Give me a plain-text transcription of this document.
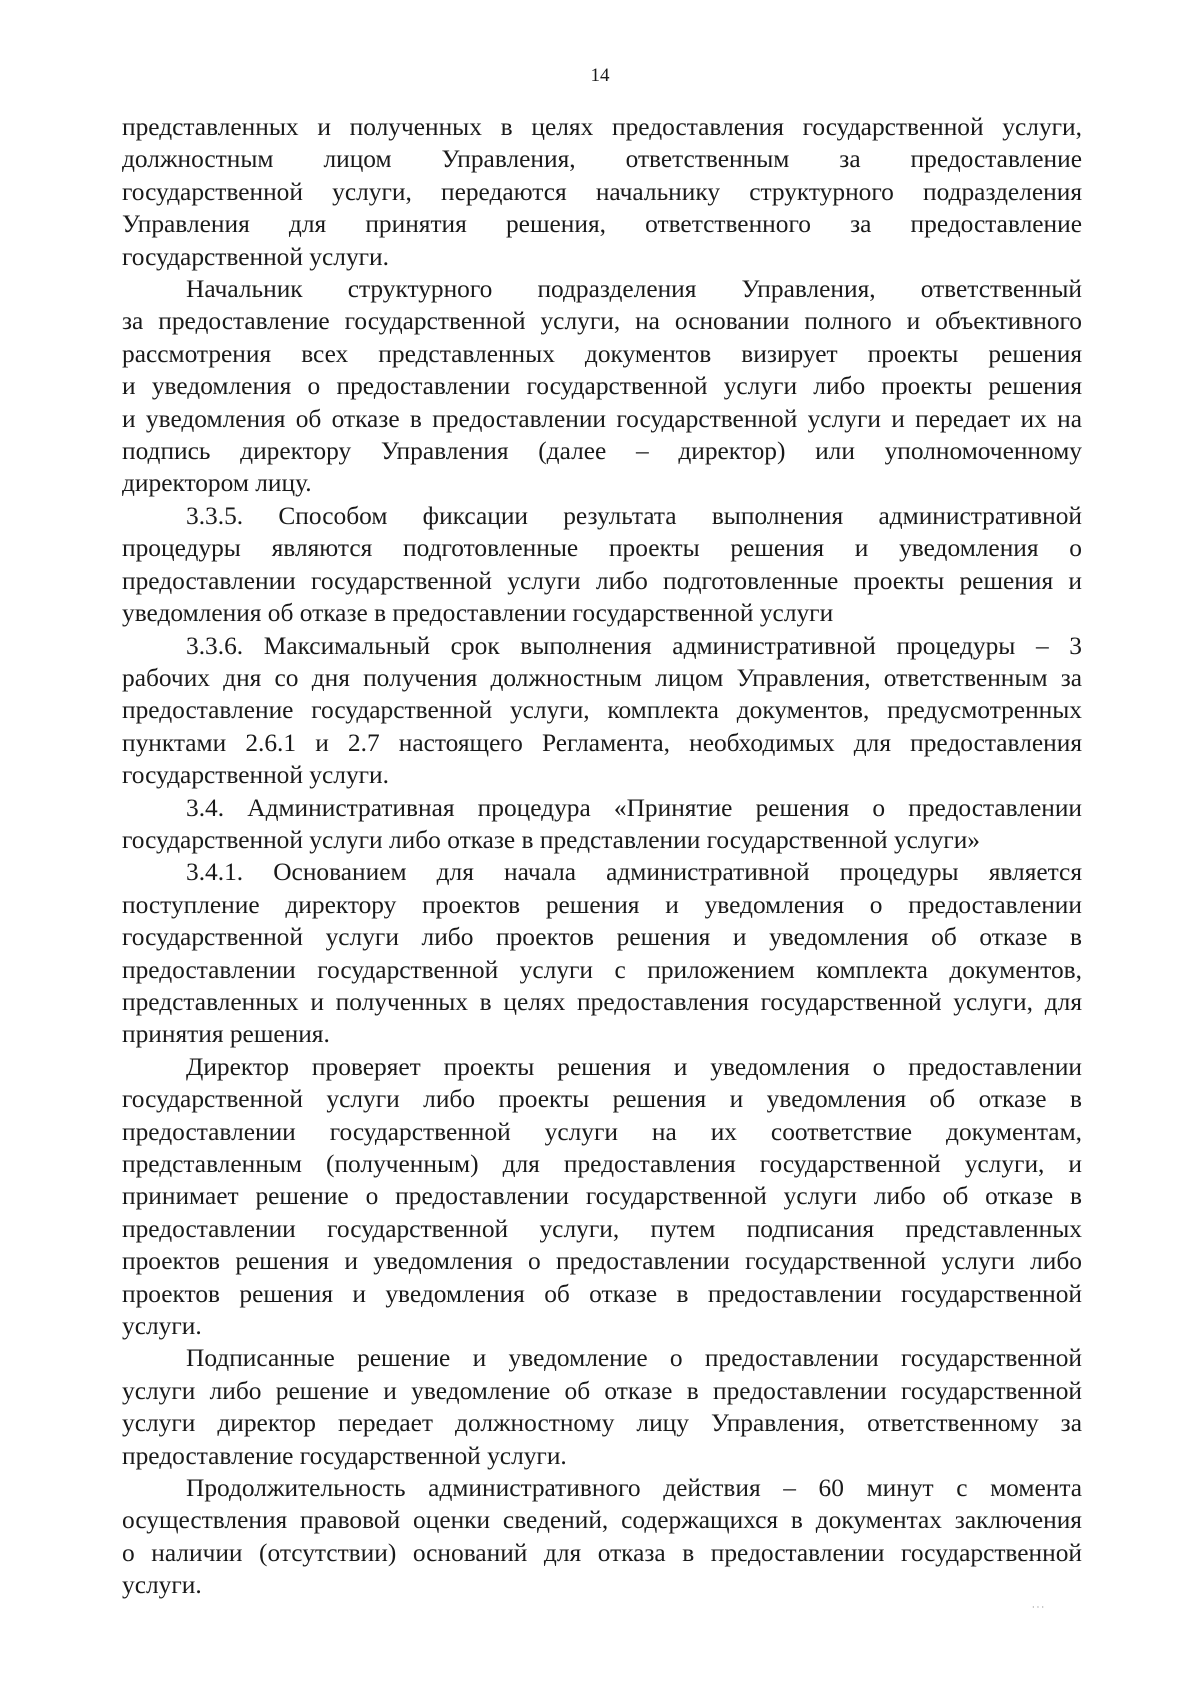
14
представленных и полученных в целях предоставления государственной услуги,
должностным лицом Управления, ответственным за предоставление
государственной услуги, передаются начальнику структурного подразделения
Управления для принятия решения, ответственного за предоставление
государственной услуги.
Начальник структурного подразделения Управления, ответственный
за предоставление государственной услуги, на основании полного и объективного
рассмотрения всех представленных документов визирует проекты решения
и уведомления о предоставлении государственной услуги либо проекты решения
и уведомления об отказе в предоставлении государственной услуги и передает их на
подпись директору Управления (далее – директор) или уполномоченному
директором лицу.
3.3.5. Способом фиксации результата выполнения административной
процедуры являются подготовленные проекты решения и уведомления о
предоставлении государственной услуги либо подготовленные проекты решения и
уведомления об отказе в предоставлении государственной услуги
3.3.6. Максимальный срок выполнения административной процедуры – 3
рабочих дня со дня получения должностным лицом Управления, ответственным за
предоставление государственной услуги, комплекта документов, предусмотренных
пунктами 2.6.1 и 2.7 настоящего Регламента, необходимых для предоставления
государственной услуги.
3.4. Административная процедура «Принятие решения о предоставлении
государственной услуги либо отказе в представлении государственной услуги»
3.4.1. Основанием для начала административной процедуры является
поступление директору проектов решения и уведомления о предоставлении
государственной услуги либо проектов решения и уведомления об отказе в
предоставлении государственной услуги с приложением комплекта документов,
представленных и полученных в целях предоставления государственной услуги, для
принятия решения.
Директор проверяет проекты решения и уведомления о предоставлении
государственной услуги либо проекты решения и уведомления об отказе в
предоставлении государственной услуги на их соответствие документам,
представленным (полученным) для предоставления государственной услуги, и
принимает решение о предоставлении государственной услуги либо об отказе в
предоставлении государственной услуги, путем подписания представленных
проектов решения и уведомления о предоставлении государственной услуги либо
проектов решения и уведомления об отказе в предоставлении государственной
услуги.
Подписанные решение и уведомление о предоставлении государственной
услуги либо решение и уведомление об отказе в предоставлении государственной
услуги директор передает должностному лицу Управления, ответственному за
предоставление государственной услуги.
Продолжительность административного действия – 60 минут с момента
осуществления правовой оценки сведений, содержащихся в документах заключения
о наличии (отсутствии) оснований для отказа в предоставлении государственной
услуги.
⸳⸳⸳
